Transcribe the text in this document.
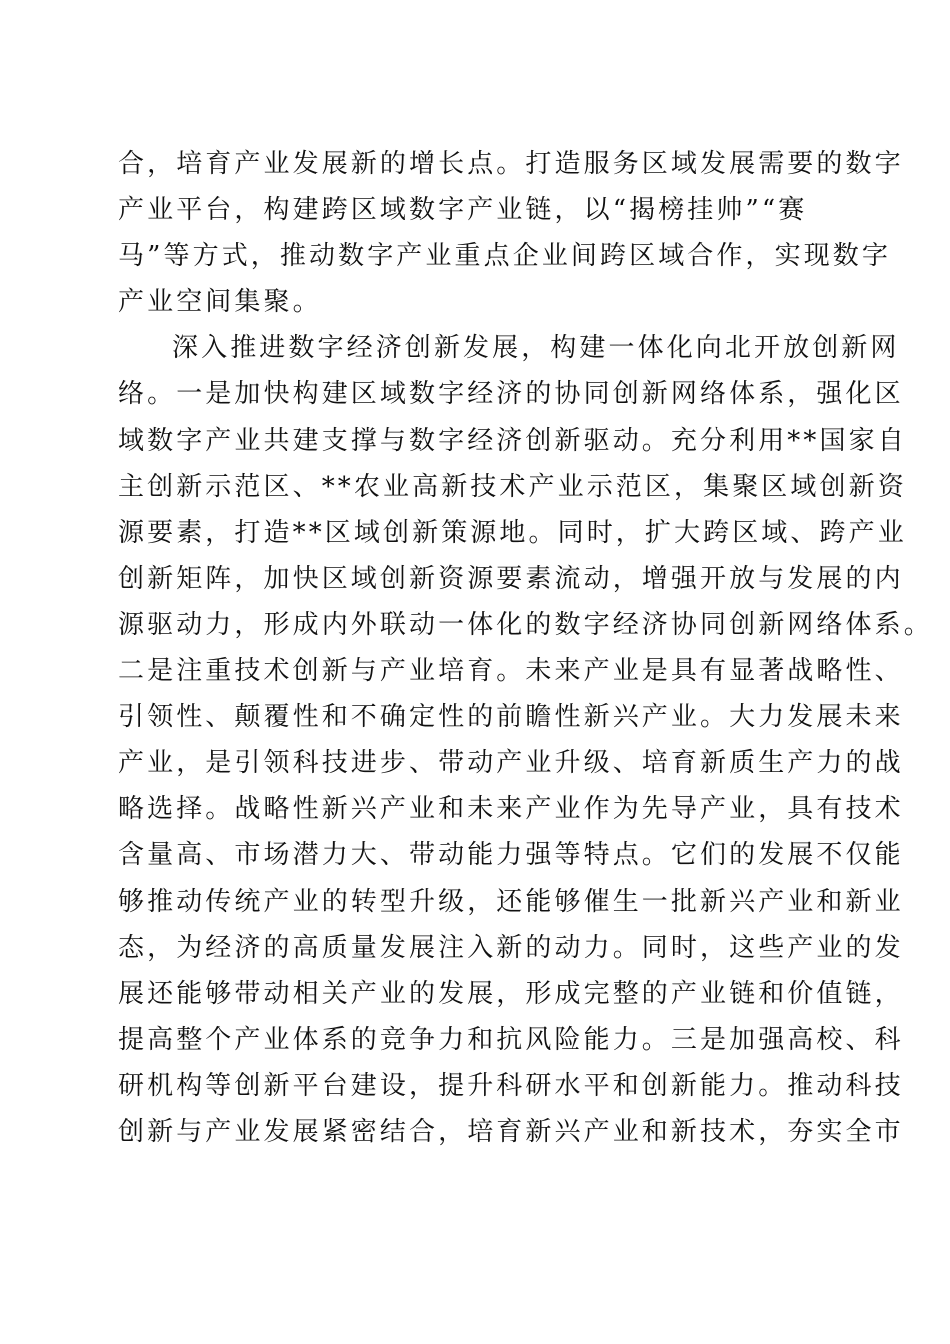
合，培育产业发展新的增长点。打造服务区域发展需要的数字
产业平台，构建跨区域数字产业链，以“揭榜挂帅”“赛
马”等方式，推动数字产业重点企业间跨区域合作，实现数字
产业空间集聚。
深入推进数字经济创新发展，构建一体化向北开放创新网
络。一是加快构建区域数字经济的协同创新网络体系，强化区
域数字产业共建支撑与数字经济创新驱动。充分利用**国家自
主创新示范区、**农业高新技术产业示范区，集聚区域创新资
源要素，打造**区域创新策源地。同时，扩大跨区域、跨产业
创新矩阵，加快区域创新资源要素流动，增强开放与发展的内
源驱动力，形成内外联动一体化的数字经济协同创新网络体系。
二是注重技术创新与产业培育。未来产业是具有显著战略性、
引领性、颠覆性和不确定性的前瞻性新兴产业。大力发展未来
产业，是引领科技进步、带动产业升级、培育新质生产力的战
略选择。战略性新兴产业和未来产业作为先导产业，具有技术
含量高、市场潜力大、带动能力强等特点。它们的发展不仅能
够推动传统产业的转型升级，还能够催生一批新兴产业和新业
态，为经济的高质量发展注入新的动力。同时，这些产业的发
展还能够带动相关产业的发展，形成完整的产业链和价值链，
提高整个产业体系的竞争力和抗风险能力。三是加强高校、科
研机构等创新平台建设，提升科研水平和创新能力。推动科技
创新与产业发展紧密结合，培育新兴产业和新技术，夯实全市
